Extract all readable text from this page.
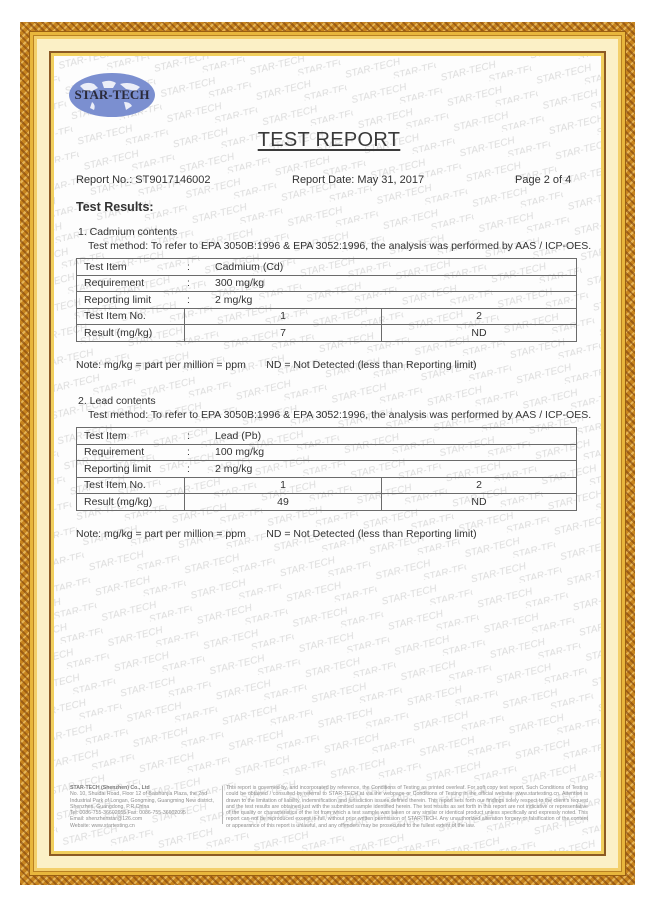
STAR-TECH
TEST REPORT
Report No.: ST9017146002	Report Date: May 31, 2017	Page 2 of 4
Test Results:
1. Cadmium contents
Test method: To refer to EPA 3050B:1996 & EPA 3052:1996, the analysis was performed by AAS / ICP-OES.
Test Item : Cadmium (Cd)		
Requirement : 300 mg/kg		
Reporting limit : 2 mg/kg		
Test Item No.	1	2
Result (mg/kg)	7	ND
Note: mg/kg = part per million = ppm       ND = Not Detected (less than Reporting limit)
2. Lead contents
Test method: To refer to EPA 3050B:1996 & EPA 3052:1996, the analysis was performed by AAS / ICP-OES.
Test Item : Lead (Pb)		
Requirement : 100 mg/kg		
Reporting limit : 2 mg/kg		
Test Item No.	1	2
Result (mg/kg)	49	ND
Note: mg/kg = part per million = ppm       ND = Not Detected (less than Reporting limit)
STAR-TECH (Shenzhen) Co., Ltd
No. 10, Shuidai Road, Floor 12 of Baishunjia Plaza, the 2nd Industrial Park of Longan, Gongming, Guangming New district, Shenzhen, Guangdong, P.R.China
Tel: 0086-755-36602055 Fax: 0086-755-36602095
Email: shenzhenstar@126.com
Website: www.startesting.cn
This report is governed by, and incorporated by reference, the Conditions of Testing as printed overleaf. For soft copy test report, Such Conditions of Testing could be obtained / consulted by referral to STAR-TECH at via the webpage or Conditions of Testing in the official website: www.startesting.cn. Attention is drawn to the limitation of liability, indemnification and jurisdiction issues defined therein. This report sets forth our findings solely respect to the client's request and the test results are obtained just with the submitted sample identified herein. The test results as set forth in this report are not indicative or representative of the quality or characteristics of the lot from which a test sample was taken or any similar or identical product unless specifically and expressly noted. This report can not be reproduced except in full, without prior written permission of STAR-TECH. Any unauthorized alteration forgery or falsification of the content or appearance of this report is unlawful, and any offenders may be prosecuted to the fullest extent of the law.
